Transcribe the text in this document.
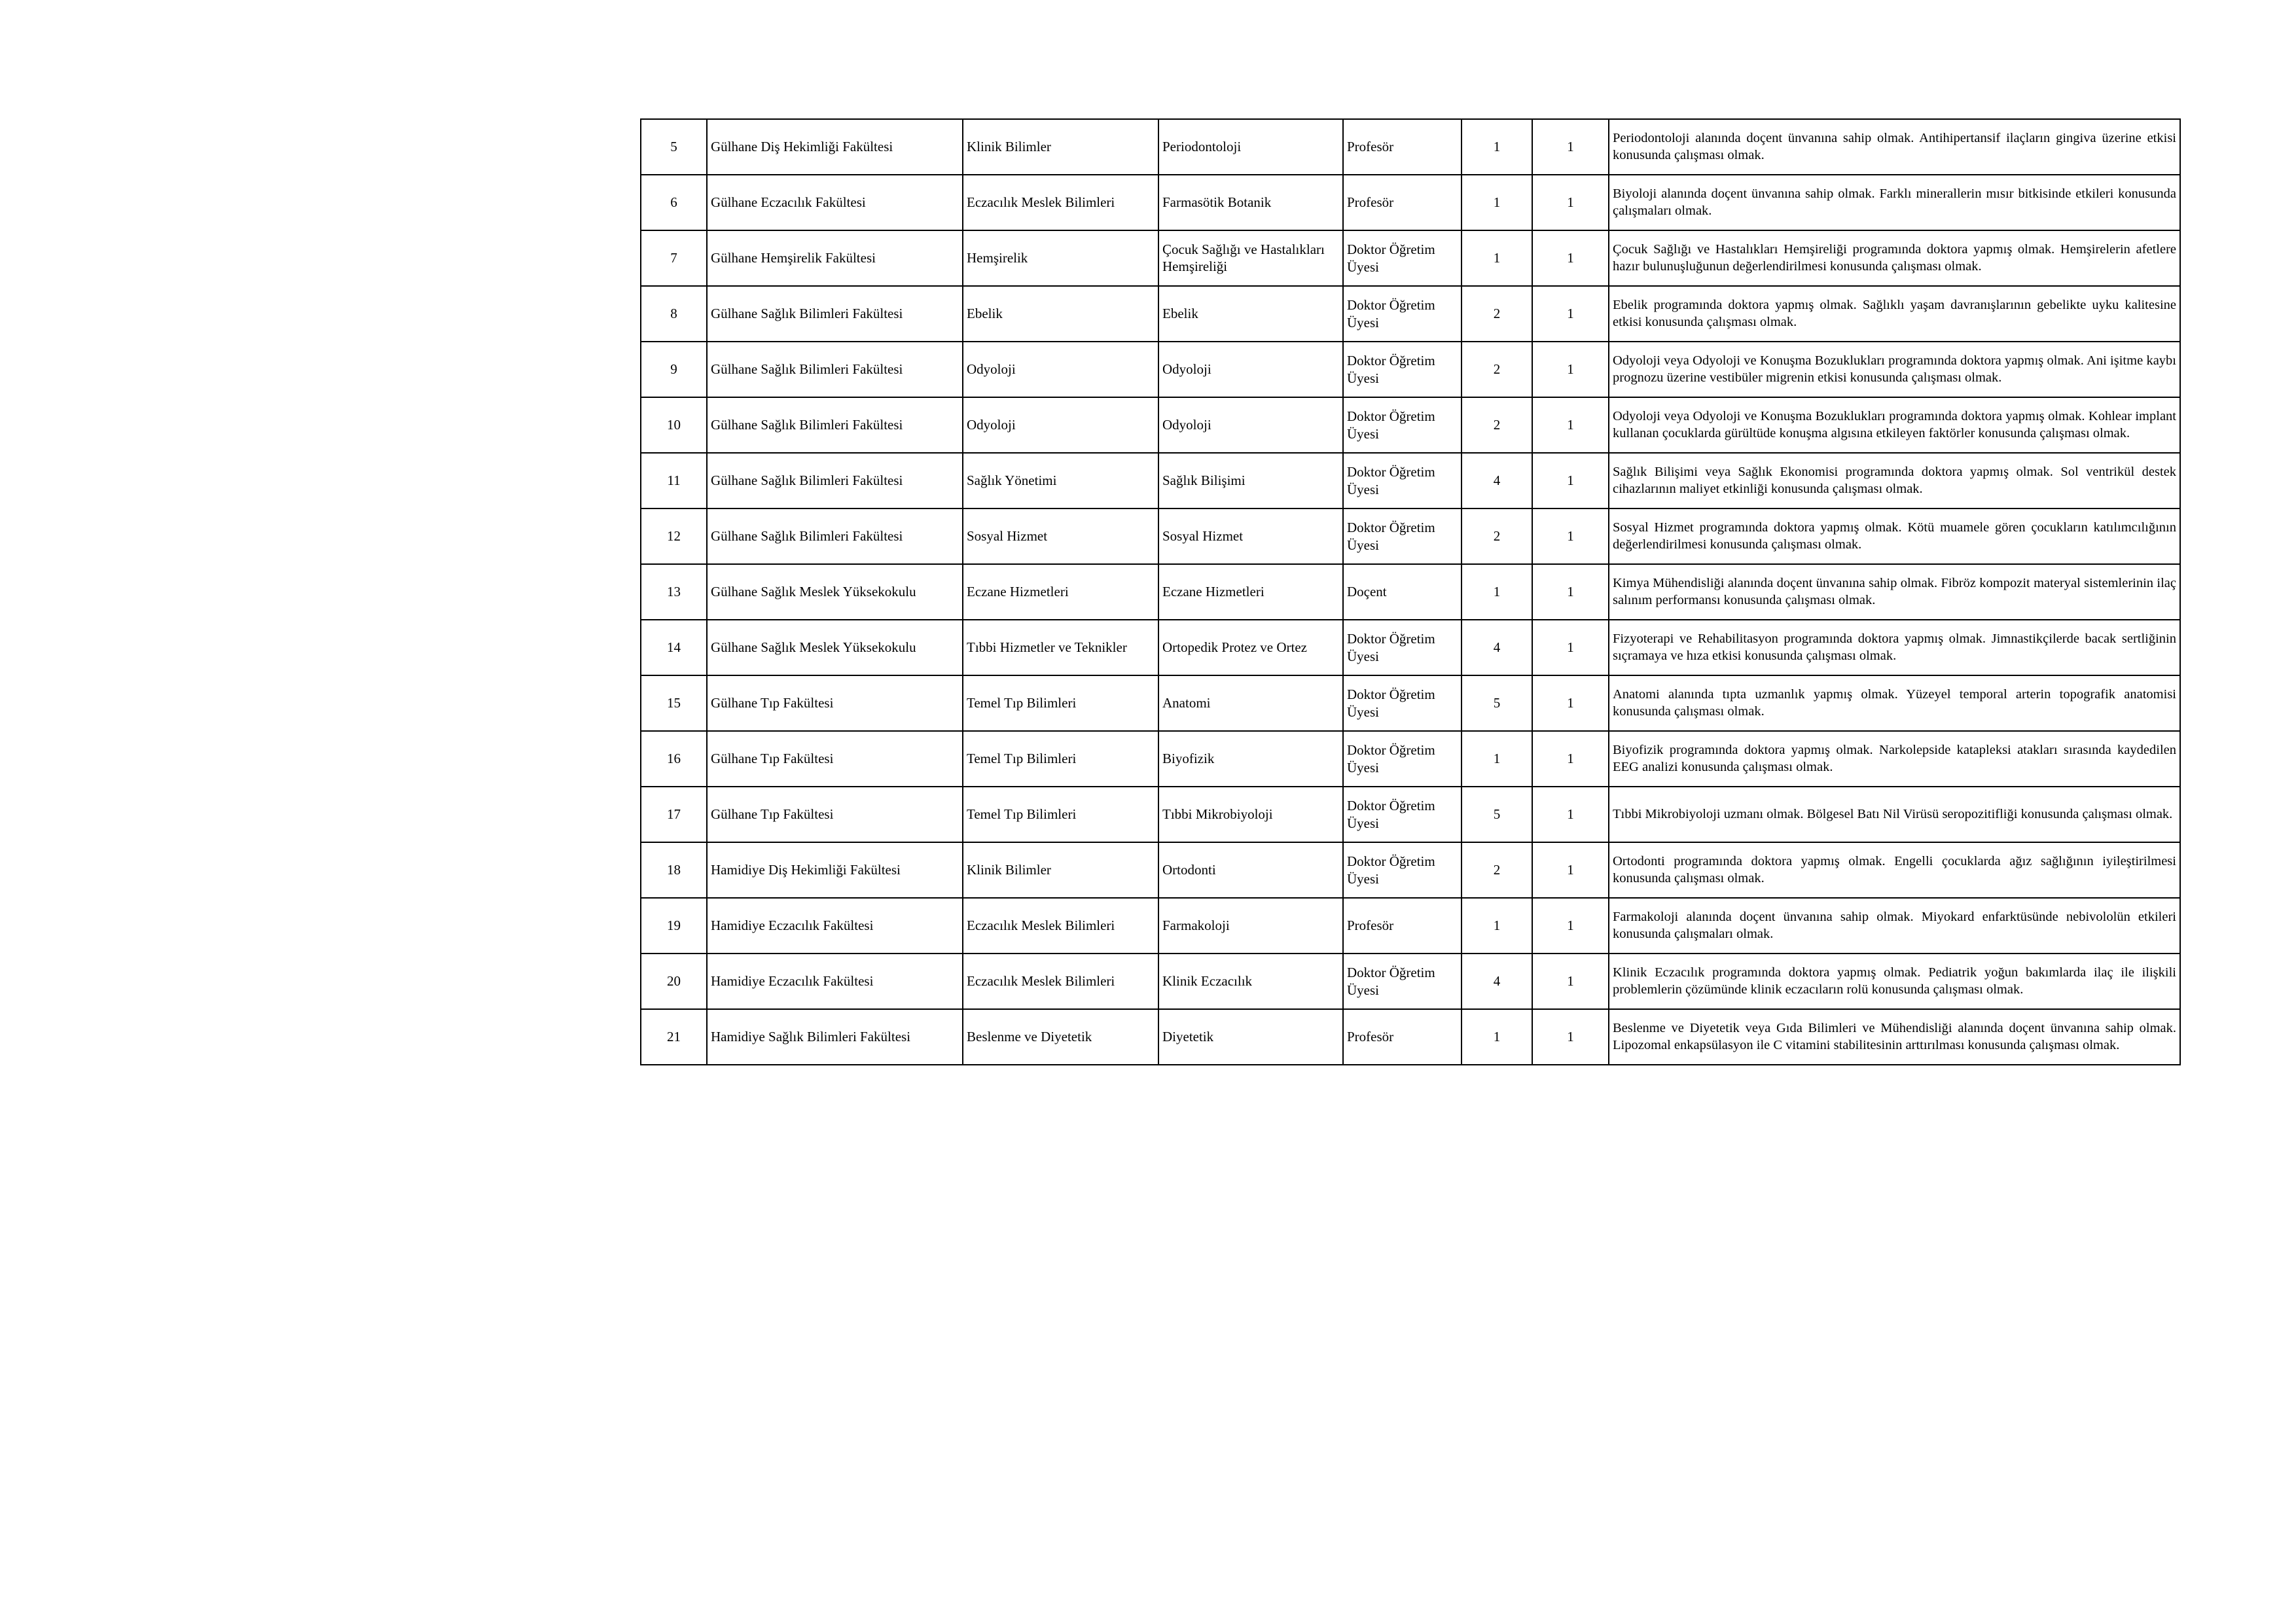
5	Gülhane Diş Hekimliği Fakültesi	Klinik Bilimler	Periodontoloji	Profesör	1	1	Periodontoloji alanında doçent ünvanına sahip olmak. Antihipertansif ilaçların gingiva üzerine etkisi konusunda çalışması olmak.
6	Gülhane Eczacılık Fakültesi	Eczacılık Meslek Bilimleri	Farmasötik Botanik	Profesör	1	1	Biyoloji alanında doçent ünvanına sahip olmak. Farklı minerallerin mısır bitkisinde etkileri konusunda çalışmaları olmak.
7	Gülhane Hemşirelik Fakültesi	Hemşirelik	Çocuk Sağlığı ve Hastalıkları Hemşireliği	Doktor Öğretim Üyesi	1	1	Çocuk Sağlığı ve Hastalıkları Hemşireliği programında doktora yapmış olmak. Hemşirelerin afetlere hazır bulunuşluğunun değerlendirilmesi konusunda çalışması olmak.
8	Gülhane Sağlık Bilimleri Fakültesi	Ebelik	Ebelik	Doktor Öğretim Üyesi	2	1	Ebelik programında doktora yapmış olmak. Sağlıklı yaşam davranışlarının gebelikte uyku kalitesine etkisi konusunda çalışması olmak.
9	Gülhane Sağlık Bilimleri Fakültesi	Odyoloji	Odyoloji	Doktor Öğretim Üyesi	2	1	Odyoloji veya Odyoloji ve Konuşma Bozuklukları programında doktora yapmış olmak. Ani işitme kaybı prognozu üzerine vestibüler migrenin etkisi konusunda çalışması olmak.
10	Gülhane Sağlık Bilimleri Fakültesi	Odyoloji	Odyoloji	Doktor Öğretim Üyesi	2	1	Odyoloji veya Odyoloji ve Konuşma Bozuklukları programında doktora yapmış olmak. Kohlear implant kullanan çocuklarda gürültüde konuşma algısına etkileyen faktörler konusunda çalışması olmak.
11	Gülhane Sağlık Bilimleri Fakültesi	Sağlık Yönetimi	Sağlık Bilişimi	Doktor Öğretim Üyesi	4	1	Sağlık Bilişimi veya Sağlık Ekonomisi programında doktora yapmış olmak. Sol ventrikül destek cihazlarının maliyet etkinliği konusunda çalışması olmak.
12	Gülhane Sağlık Bilimleri Fakültesi	Sosyal Hizmet	Sosyal Hizmet	Doktor Öğretim Üyesi	2	1	Sosyal Hizmet programında doktora yapmış olmak. Kötü muamele gören çocukların katılımcılığının değerlendirilmesi konusunda çalışması olmak.
13	Gülhane Sağlık Meslek Yüksekokulu	Eczane Hizmetleri	Eczane Hizmetleri	Doçent	1	1	Kimya Mühendisliği alanında doçent ünvanına sahip olmak. Fibröz kompozit materyal sistemlerinin ilaç salınım performansı konusunda çalışması olmak.
14	Gülhane Sağlık Meslek Yüksekokulu	Tıbbi Hizmetler ve Teknikler	Ortopedik Protez ve Ortez	Doktor Öğretim Üyesi	4	1	Fizyoterapi ve Rehabilitasyon programında doktora yapmış olmak. Jimnastikçilerde bacak sertliğinin sıçramaya ve hıza etkisi konusunda çalışması olmak.
15	Gülhane Tıp Fakültesi	Temel Tıp Bilimleri	Anatomi	Doktor Öğretim Üyesi	5	1	Anatomi alanında tıpta uzmanlık yapmış olmak. Yüzeyel temporal arterin topografik anatomisi konusunda çalışması olmak.
16	Gülhane Tıp Fakültesi	Temel Tıp Bilimleri	Biyofizik	Doktor Öğretim Üyesi	1	1	Biyofizik programında doktora yapmış olmak. Narkolepside katapleksi atakları sırasında kaydedilen EEG analizi konusunda çalışması olmak.
17	Gülhane Tıp Fakültesi	Temel Tıp Bilimleri	Tıbbi Mikrobiyoloji	Doktor Öğretim Üyesi	5	1	Tıbbi Mikrobiyoloji uzmanı olmak. Bölgesel Batı Nil Virüsü seropozitifliği konusunda çalışması olmak.
18	Hamidiye Diş Hekimliği Fakültesi	Klinik Bilimler	Ortodonti	Doktor Öğretim Üyesi	2	1	Ortodonti programında doktora yapmış olmak. Engelli çocuklarda ağız sağlığının iyileştirilmesi konusunda çalışması olmak.
19	Hamidiye Eczacılık Fakültesi	Eczacılık Meslek Bilimleri	Farmakoloji	Profesör	1	1	Farmakoloji alanında doçent ünvanına sahip olmak. Miyokard enfarktüsünde nebivololün etkileri konusunda çalışmaları olmak.
20	Hamidiye Eczacılık Fakültesi	Eczacılık Meslek Bilimleri	Klinik Eczacılık	Doktor Öğretim Üyesi	4	1	Klinik Eczacılık programında doktora yapmış olmak. Pediatrik yoğun bakımlarda ilaç ile ilişkili problemlerin çözümünde klinik eczacıların rolü konusunda çalışması olmak.
21	Hamidiye Sağlık Bilimleri Fakültesi	Beslenme ve Diyetetik	Diyetetik	Profesör	1	1	Beslenme ve Diyetetik veya Gıda Bilimleri ve Mühendisliği alanında doçent ünvanına sahip olmak. Lipozomal enkapsülasyon ile C vitamini stabilitesinin arttırılması konusunda çalışması olmak.
